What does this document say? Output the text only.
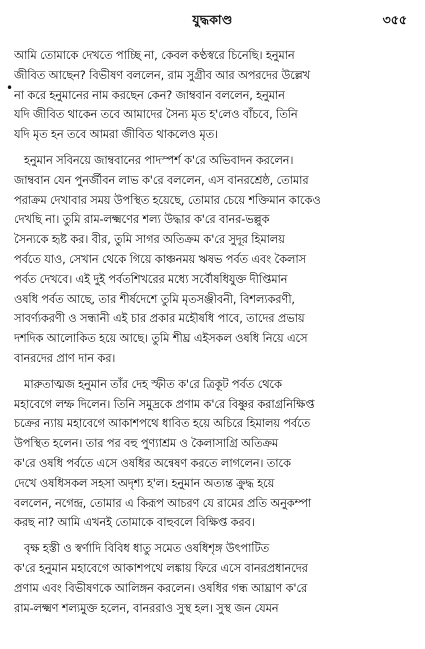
যুদ্ধকাণ্ড	৩৫৫
•
আমি তোমাকে দেখতে পাচ্ছি না, কেবল কণ্ঠস্বরে চিনেছি। হনুমান
জীবিত আছেন? বিভীষণ বললেন, রাম সুগ্রীব আর অপরদের উল্লেখ
না করে হনুমানের নাম করছেন কেন? জাম্ববান বললেন, হনুমান
যদি জীবিত থাকেন তবে আমাদের সৈন্য মৃত হ'লেও বাঁচবে, তিনি
যদি মৃত হন তবে আমরা জীবিত থাকলেও মৃত।
হনুমান সবিনয়ে জাম্ববানের পাদস্পর্শ ক'রে অভিবাদন করলেন।
জাম্ববান যেন পুনর্জীবন লাভ ক'রে বললেন, এস বানরশ্রেষ্ঠ, তোমার
পরাক্রম দেখাবার সময় উপস্থিত হয়েছে, তোমার চেয়ে শক্তিমান কাকেও
দেখছি না। তুমি রাম-লক্ষ্মণের শল্য উদ্ধার ক'রে বানর-ভল্লুক
সৈন্যকে হৃষ্ট কর। বীর, তুমি সাগর অতিক্রম ক'রে সুদূর হিমালয়
পর্বতে যাও, সেখান থেকে গিয়ে কাঞ্চনময় ঋষভ পর্বত এবং কৈলাস
পর্বত দেখবে। এই দুই পর্বতশিখরের মধ্যে সর্বৌষধিযুক্ত দীপ্তিমান
ওষধি পর্বত আছে, তার শীর্ষদেশে তুমি মৃতসঞ্জীবনী, বিশল্যকরণী,
সাবর্ণ্যকরণী ও সন্ধানী এই চার প্রকার মহৌষধি পাবে, তাদের প্রভায়
দশদিক আলোকিত হয়ে আছে। তুমি শীঘ্র এইসকল ওষধি নিয়ে এসে
বানরদের প্রাণ দান কর।
মারুতাত্মজ হনুমান তাঁর দেহ স্ফীত ক'রে ত্রিকূট পর্বত থেকে
মহাবেগে লম্ফ দিলেন। তিনি সমুদ্রকে প্রণাম ক'রে বিষ্ণুর করাগ্রনিক্ষিপ্ত
চক্রের ন্যায় মহাবেগে আকাশপথে ধাবিত হয়ে অচিরে হিমালয় পর্বতে
উপস্থিত হলেন। তার পর বহু পুণ্যাশ্রম ও কৈলাসাগ্রি অতিক্রম
ক'রে ওষধি পর্বতে এসে ওষধির অন্বেষণ করতে লাগলেন। তাকে
দেখে ওষধিসকল সহসা অদৃশ্য হ'ল। হনুমান অত্যন্ত ক্রুদ্ধ হয়ে
বললেন, নগেন্দ্র, তোমার এ কিরূপ আচরণ যে রামের প্রতি অনুকম্পা
করছ না? আমি এখনই তোমাকে বাহুবলে বিক্ষিপ্ত করব।
বৃক্ষ হস্তী ও স্বর্ণাদি বিবিধ ধাতু সমেত ওষধিশৃঙ্গ উৎপাটিত
ক'রে হনুমান মহাবেগে আকাশপথে লঙ্কায় ফিরে এসে বানরপ্রধানদের
প্রণাম এবং বিভীষণকে আলিঙ্গন করলেন। ওষধির গন্ধ আঘ্রাণ ক'রে
রাম-লক্ষ্মণ শল্যমুক্ত হলেন, বানররাও সুস্থ হল। সুস্থ জন যেমন
